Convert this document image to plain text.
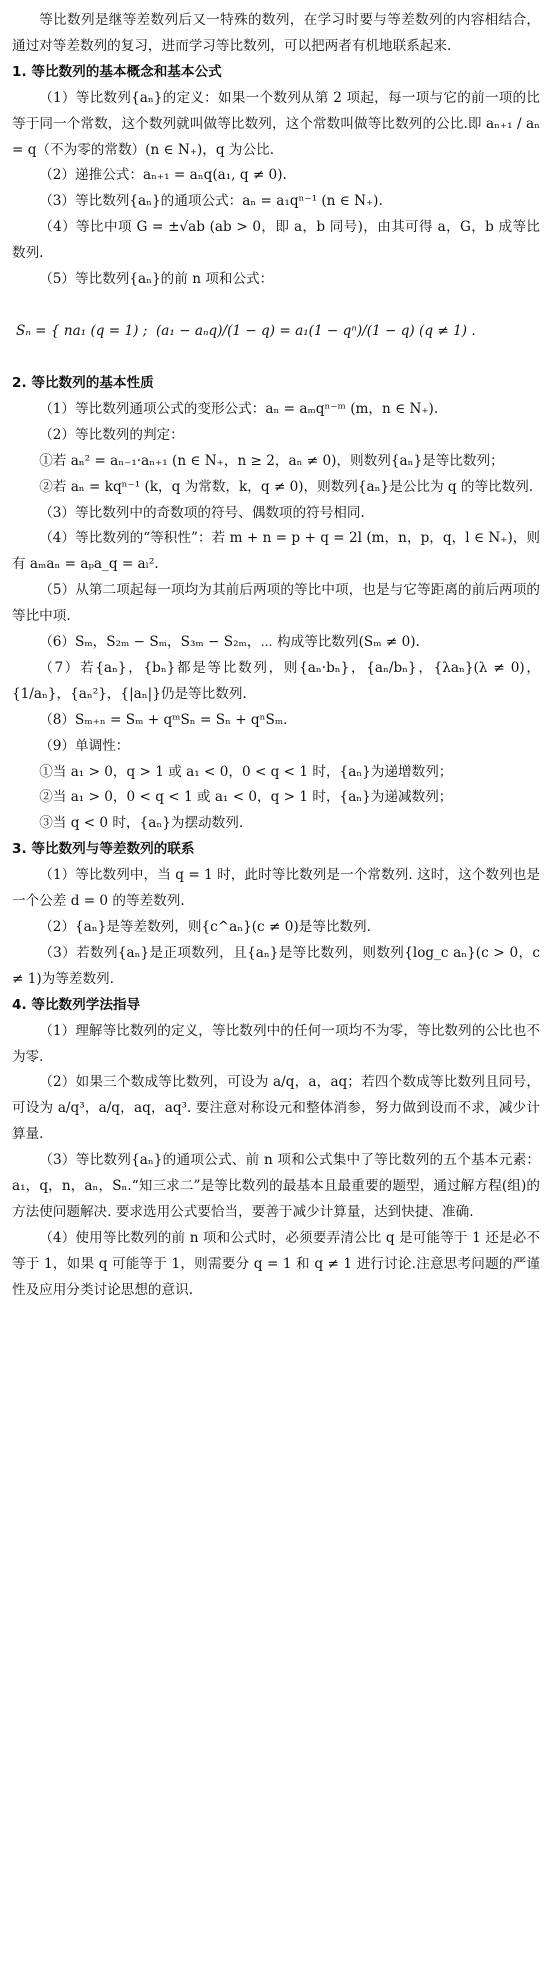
等比数列是继等差数列后又一特殊的数列，在学习时要与等差数列的内容相结合，通过对等差数列的复习，进而学习等比数列，可以把两者有机地联系起来.

1. 等比数列的基本概念和基本公式

（1）等比数列{aₙ}的定义：如果一个数列从第 2 项起，每一项与它的前一项的比等于同一个常数，这个数列就叫做等比数列，这个常数叫做等比数列的公比.即 aₙ₊₁ / aₙ = q（不为零的常数）(n ∈ N₊)，q 为公比.

（2）递推公式：aₙ₊₁ = aₙq(a₁, q ≠ 0).

（3）等比数列{aₙ}的通项公式：aₙ = a₁qⁿ⁻¹ (n ∈ N₊).

（4）等比中项 G = ±√ab (ab > 0，即 a，b 同号)，由其可得 a，G，b 成等比数列.

（5）等比数列{aₙ}的前 n 项和公式：

Sₙ = { na₁ (q = 1) ;  (a₁ − aₙq)/(1 − q) = a₁(1 − qⁿ)/(1 − q) (q ≠ 1) .

2. 等比数列的基本性质

（1）等比数列通项公式的变形公式：aₙ = aₘqⁿ⁻ᵐ (m，n ∈ N₊).

（2）等比数列的判定：

①若 aₙ² = aₙ₋₁·aₙ₊₁ (n ∈ N₊，n ≥ 2，aₙ ≠ 0)，则数列{aₙ}是等比数列；

②若 aₙ = kqⁿ⁻¹ (k，q 为常数，k，q ≠ 0)，则数列{aₙ}是公比为 q 的等比数列.

（3）等比数列中的奇数项的符号、偶数项的符号相同.

（4）等比数列的“等积性”：若 m + n = p + q = 2l (m，n，p，q，l ∈ N₊)，则有 aₘaₙ = aₚa_q = aₗ².

（5）从第二项起每一项均为其前后两项的等比中项，也是与它等距离的前后两项的等比中项.

（6）Sₘ，S₂ₘ − Sₘ，S₃ₘ − S₂ₘ，⋯ 构成等比数列(Sₘ ≠ 0).

（7）若{aₙ}，{bₙ}都是等比数列，则{aₙ·bₙ}，{aₙ/bₙ}，{λaₙ}(λ ≠ 0)，{1/aₙ}，{aₙ²}，{|aₙ|}仍是等比数列.

（8）Sₘ₊ₙ = Sₘ + qᵐSₙ = Sₙ + qⁿSₘ.

（9）单调性：

①当 a₁ > 0，q > 1 或 a₁ < 0，0 < q < 1 时，{aₙ}为递增数列；

②当 a₁ > 0，0 < q < 1 或 a₁ < 0，q > 1 时，{aₙ}为递减数列；

③当 q < 0 时，{aₙ}为摆动数列.

3. 等比数列与等差数列的联系

（1）等比数列中，当 q = 1 时，此时等比数列是一个常数列. 这时，这个数列也是一个公差 d = 0 的等差数列.

（2）{aₙ}是等差数列，则{c^aₙ}(c ≠ 0)是等比数列.

（3）若数列{aₙ}是正项数列，且{aₙ}是等比数列，则数列{log_c aₙ}(c > 0，c ≠ 1)为等差数列.

4. 等比数列学法指导

（1）理解等比数列的定义，等比数列中的任何一项均不为零，等比数列的公比也不为零.

（2）如果三个数成等比数列，可设为 a/q，a，aq；若四个数成等比数列且同号，可设为 a/q³，a/q，aq，aq³. 要注意对称设元和整体消参，努力做到设而不求，减少计算量.

（3）等比数列{aₙ}的通项公式、前 n 项和公式集中了等比数列的五个基本元素：a₁，q，n，aₙ，Sₙ.“知三求二”是等比数列的最基本且最重要的题型，通过解方程(组)的方法使问题解决. 要求选用公式要恰当，要善于减少计算量，达到快捷、准确.

（4）使用等比数列的前 n 项和公式时，必须要弄清公比 q 是可能等于 1 还是必不等于 1，如果 q 可能等于 1，则需要分 q = 1 和 q ≠ 1 进行讨论.注意思考问题的严谨性及应用分类讨论思想的意识.
